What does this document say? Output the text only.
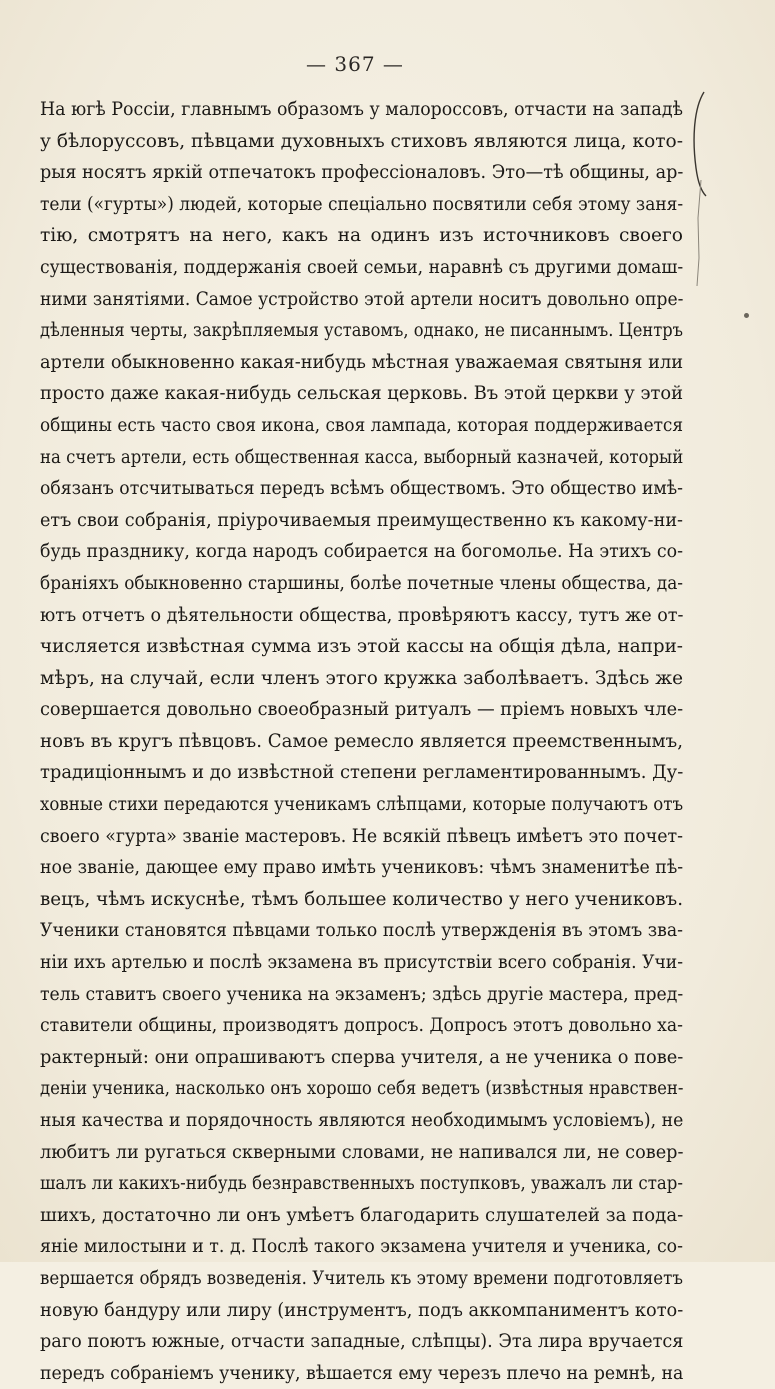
— 367 —
На югѣ Россіи, главнымъ образомъ у малороссовъ, отчасти на западѣ
у бѣлоруссовъ, пѣвцами духовныхъ стиховъ являются лица, кото-
рыя носятъ яркій отпечатокъ профессіоналовъ. Это—тѣ общины, ар-
тели («гурты») людей, которые спеціально посвятили себя этому заня-
тію, смотрятъ на него, какъ на одинъ изъ источниковъ своего
существованія, поддержанія своей семьи, наравнѣ съ другими домаш-
ними занятіями. Самое устройство этой артели носитъ довольно опре-
дѣленныя черты, закрѣпляемыя уставомъ, однако, не писаннымъ. Центръ
артели обыкновенно какая-нибудь мѣстная уважаемая святыня или
просто даже какая-нибудь сельская церковь. Въ этой церкви у этой
общины есть часто своя икона, своя лампада, которая поддерживается
на счетъ артели, есть общественная касса, выборный казначей, который
обязанъ отсчитываться передъ всѣмъ обществомъ. Это общество имѣ-
етъ свои собранія, пріурочиваемыя преимущественно къ какому-ни-
будь празднику, когда народъ собирается на богомолье. На этихъ со-
браніяхъ обыкновенно старшины, болѣе почетные члены общества, да-
ютъ отчетъ о дѣятельности общества, провѣряютъ кассу, тутъ же от-
числяется извѣстная сумма изъ этой кассы на общія дѣла, напри-
мѣръ, на случай, если членъ этого кружка заболѣваетъ. Здѣсь же
совершается довольно своеобразный ритуалъ — пріемъ новыхъ чле-
новъ въ кругъ пѣвцовъ. Самое ремесло является преемственнымъ,
традиціоннымъ и до извѣстной степени регламентированнымъ. Ду-
ховные стихи передаются ученикамъ слѣпцами, которые получаютъ отъ
своего «гурта» званіе мастеровъ. Не всякій пѣвецъ имѣетъ это почет-
ное званіе, дающее ему право имѣть учениковъ: чѣмъ знаменитѣе пѣ-
вецъ, чѣмъ искуснѣе, тѣмъ большее количество у него учениковъ.
Ученики становятся пѣвцами только послѣ утвержденія въ этомъ зва-
ніи ихъ артелью и послѣ экзамена въ присутствіи всего собранія. Учи-
тель ставитъ своего ученика на экзаменъ; здѣсь другіе мастера, пред-
ставители общины, производятъ допросъ. Допросъ этотъ довольно ха-
рактерный: они опрашиваютъ сперва учителя, а не ученика о пове-
деніи ученика, насколько онъ хорошо себя ведетъ (извѣстныя нравствен-
ныя качества и порядочность являются необходимымъ условіемъ), не
любитъ ли ругаться скверными словами, не напивался ли, не совер-
шалъ ли какихъ-нибудь безнравственныхъ поступковъ, уважалъ ли стар-
шихъ, достаточно ли онъ умѣетъ благодарить слушателей за пода-
яніе милостыни и т. д. Послѣ такого экзамена учителя и ученика, со-
вершается обрядъ возведенія. Учитель къ этому времени подготовляетъ
новую бандуру или лиру (инструментъ, подъ аккомпаниментъ кото-
раго поютъ южные, отчасти западные, слѣпцы). Эта лира вручается
передъ собраніемъ ученику, вѣшается ему черезъ плечо на ремнѣ, на
